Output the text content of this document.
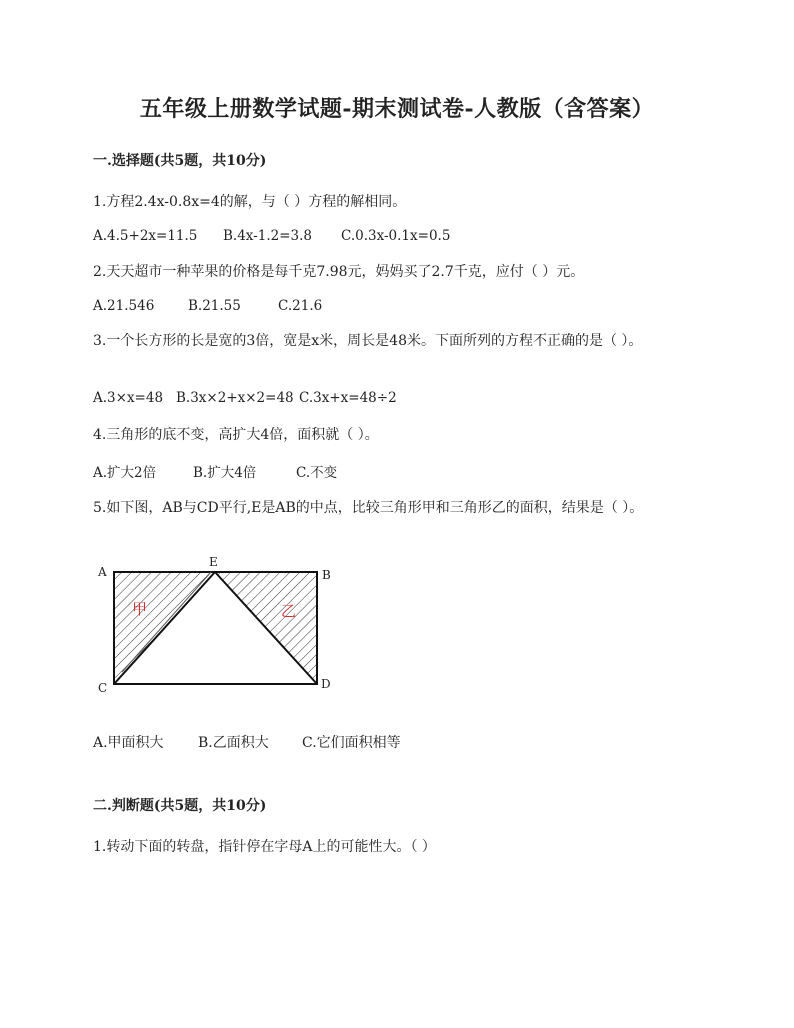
五年级上册数学试题-期末测试卷-人教版（含答案）
一.选择题(共5题，共10分)
1.方程2.4x-0.8x=4的解，与（ ）方程的解相同。
A.4.5+2x=11.5 B.4x-1.2=3.8 C.0.3x-0.1x=0.5
2.天天超市一种苹果的价格是每千克7.98元，妈妈买了2.7千克，应付（ ）元。
A.21.546 B.21.55	C.21.6
3.一个长方形的长是宽的3倍，宽是x米，周长是48米。下面所列的方程不正确的是（ ）。
A.3×x=48 B.3x×2+x×2=48 C.3x+x=48÷2
4.三角形的底不变，高扩大4倍，面积就（ ）。
A.扩大2倍	B.扩大4倍	C.不变
5.如下图，AB与CD平行,E是AB的中点，比较三角形甲和三角形乙的面积，结果是（ ）。
A
E
B
C	D
甲	乙
A.甲面积大 B.乙面积大 C.它们面积相等
二.判断题(共5题，共10分)
1.转动下面的转盘，指针停在字母A上的可能性大。（ ）
